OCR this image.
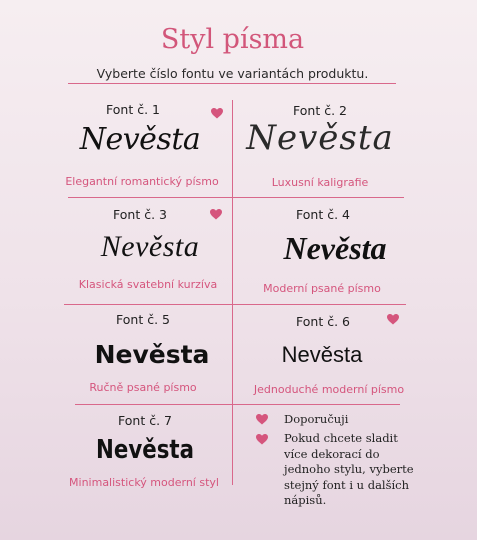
Styl písma
Vyberte číslo fontu ve variantách produktu.
Font č. 1
Nevěsta
Elegantní romantický písmo
Font č. 2
Nevěsta
Luxusní kaligrafie
Font č. 3
Nevěsta
Klasická svatební kurzíva
Font č. 4
Nevěsta
Moderní psané písmo
Font č. 5
Nevěsta
Ručně psané písmo
Font č. 6
Nevěsta
Jednoduché moderní písmo
Font č. 7
Nevěsta
Minimalistický moderní styl
Doporučuji
Pokud chcete sladit více dekorací do jednoho stylu, vyberte stejný font i u dalších nápisů.
